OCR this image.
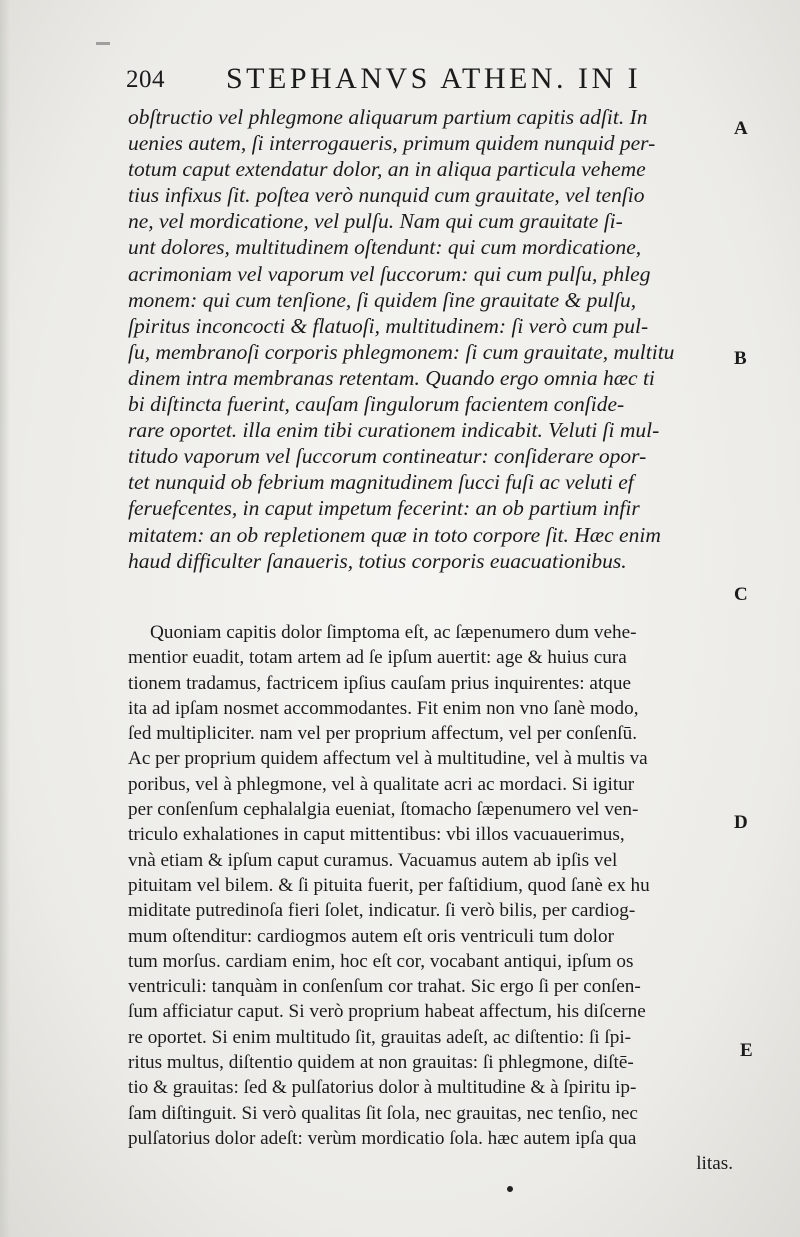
204 STEPHANVS ATHEN. IN I
obſtructio vel phlegmone aliquarum partium capitis adſit. In
uenies autem, ſi interrogaueris, primum quidem nunquid per-
totum caput extendatur dolor, an in aliqua particula veheme
tius infixus ſit. poſtea verò nunquid cum grauitate, vel tenſio
ne, vel mordicatione, vel pulſu. Nam qui cum grauitate ſi-
unt dolores, multitudinem oſtendunt: qui cum mordicatione,
acrimoniam vel vaporum vel ſuccorum: qui cum pulſu, phleg
monem: qui cum tenſione, ſi quidem ſine grauitate & pulſu,
ſpiritus inconcocti & flatuoſi, multitudinem: ſi verò cum pul-
ſu, membranoſi corporis phlegmonem: ſi cum grauitate, multitu
dinem intra membranas retentam. Quando ergo omnia hæc ti
bi diſtincta fuerint, cauſam ſingulorum facientem conſide-
rare oportet. illa enim tibi curationem indicabit. Veluti ſi mul-
titudo vaporum vel ſuccorum contineatur: conſiderare opor-
tet nunquid ob febrium magnitudinem ſucci fuſi ac veluti ef
feruefcentes, in caput impetum fecerint: an ob partium infir
mitatem: an ob repletionem quæ in toto corpore ſit. Hæc enim
haud difficulter ſanaueris, totius corporis euacuationibus.
Quoniam capitis dolor ſimptoma eſt, ac ſæpenumero dum vehe-
mentior euadit, totam artem ad ſe ipſum auertit: age & huius cura
tionem tradamus, factricem ipſius cauſam prius inquirentes: atque
ita ad ipſam nosmet accommodantes. Fit enim non vno ſanè modo,
ſed multipliciter. nam vel per proprium affectum, vel per conſenſū.
Ac per proprium quidem affectum vel à multitudine, vel à multis va
poribus, vel à phlegmone, vel à qualitate acri ac mordaci. Si igitur
per conſenſum cephalalgia eueniat, ſtomacho ſæpenumero vel ven-
triculo exhalationes in caput mittentibus: vbi illos vacuauerimus,
vnà etiam & ipſum caput curamus. Vacuamus autem ab ipſis vel
pituitam vel bilem. & ſi pituita fuerit, per faſtidium, quod ſanè ex hu
miditate putredinoſa fieri ſolet, indicatur. ſi verò bilis, per cardiog-
mum oſtenditur: cardiogmos autem eſt oris ventriculi tum dolor
tum morſus. cardiam enim, hoc eſt cor, vocabant antiqui, ipſum os
ventriculi: tanquàm in conſenſum cor trahat. Sic ergo ſi per conſen-
ſum afficiatur caput. Si verò proprium habeat affectum, his diſcerne
re oportet. Si enim multitudo ſit, grauitas adeſt, ac diſtentio: ſi ſpi-
ritus multus, diſtentio quidem at non grauitas: ſi phlegmone, diſtē-
tio & grauitas: ſed & pulſatorius dolor à multitudine & à ſpiritu ip-
ſam diſtinguit. Si verò qualitas ſit ſola, nec grauitas, nec tenſio, nec
pulſatorius dolor adeſt: verùm mordicatio ſola. hæc autem ipſa qua
litas.
A
B
C
D
E
